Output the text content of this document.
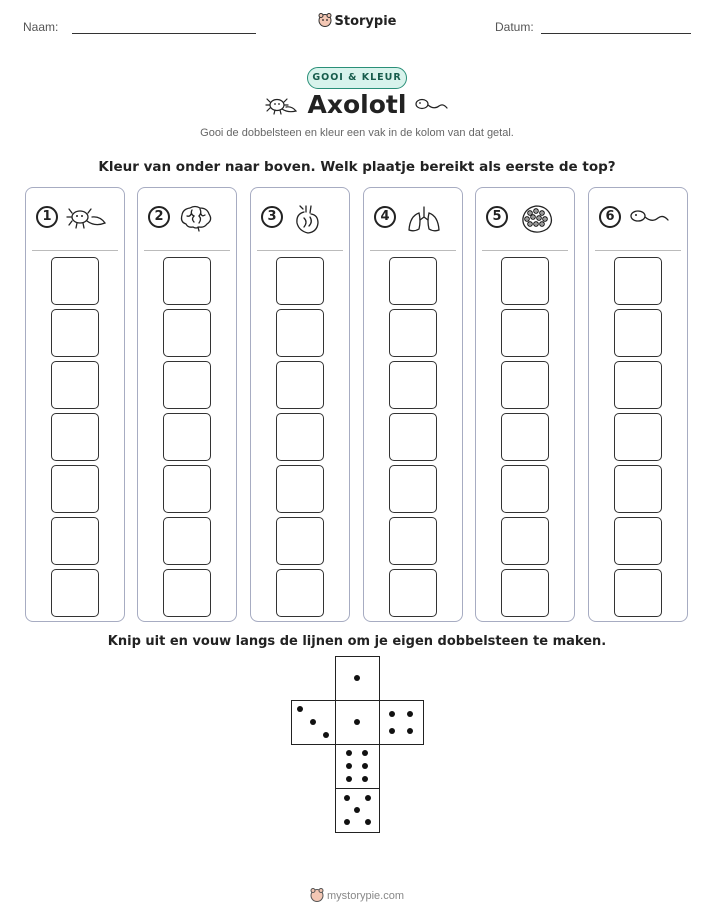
Naam:	Storypie	Datum:
GOOI & KLEUR
Axolotl
Gooi de dobbelsteen en kleur een vak in de kolom van dat getal.
Kleur van onder naar boven. Welk plaatje bereikt als eerste de top?
1	2	3	4	5	6
Knip uit en vouw langs de lijnen om je eigen dobbelsteen te maken.
mystorypie.com
